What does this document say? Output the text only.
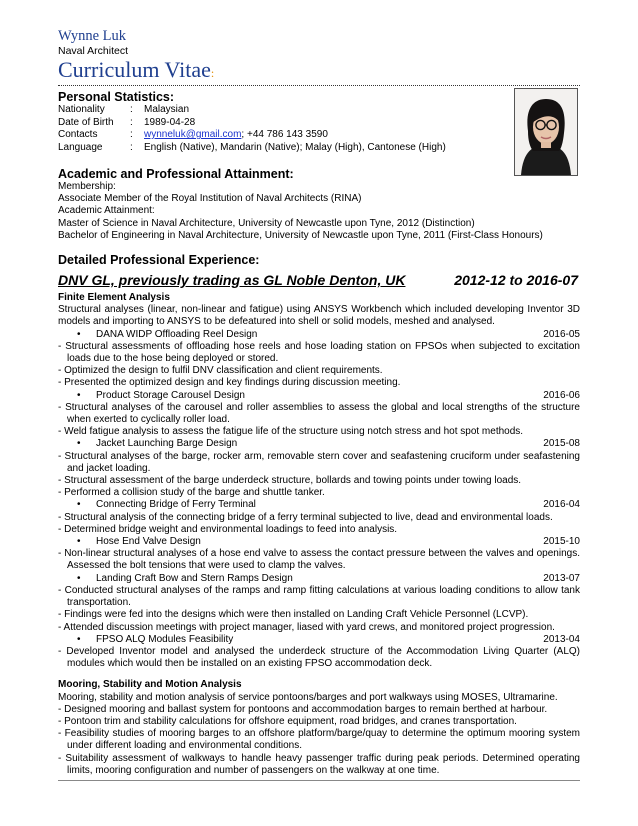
Wynne Luk
Naval Architect
Curriculum Vitae:
Personal Statistics:
Nationality	:	Malaysian
Date of Birth	:	1989-04-28
Contacts	:	wynneluk@gmail.com; +44 786 143 3590
Language	:	English (Native), Mandarin (Native); Malay (High), Cantonese (High)
Academic and Professional Attainment:
Membership:
Associate Member of the Royal Institution of Naval Architects (RINA)
Academic Attainment:
Master of Science in Naval Architecture, University of Newcastle upon Tyne, 2012 (Distinction)
Bachelor of Engineering in Naval Architecture, University of Newcastle upon Tyne, 2011 (First-Class Honours)
Detailed Professional Experience:
DNV GL, previously trading as GL Noble Denton, UK	2012-12 to 2016-07
Finite Element Analysis
Structural analyses (linear, non-linear and fatigue) using ANSYS Workbench which included developing Inventor 3D models and importing to ANSYS to be defeatured into shell or solid models, meshed and analysed.
• DANA WIDP Offloading Reel Design	2016-05
- Structural assessments of offloading hose reels and hose loading station on FPSOs when subjected to excitation loads due to the hose being deployed or stored.
- Optimized the design to fulfil DNV classification and client requirements.
- Presented the optimized design and key findings during discussion meeting.
• Product Storage Carousel Design	2016-06
- Structural analyses of the carousel and roller assemblies to assess the global and local strengths of the structure when exerted to cyclically roller load.
- Weld fatigue analysis to assess the fatigue life of the structure using notch stress and hot spot methods.
• Jacket Launching Barge Design	2015-08
- Structural analyses of the barge, rocker arm, removable stern cover and seafastening cruciform under seafastening and jacket loading.
- Structural assessment of the barge underdeck structure, bollards and towing points under towing loads.
- Performed a collision study of the barge and shuttle tanker.
• Connecting Bridge of Ferry Terminal	2016-04
- Structural analysis of the connecting bridge of a ferry terminal subjected to live, dead and environmental loads.
- Determined bridge weight and environmental loadings to feed into analysis.
• Hose End Valve Design	2015-10
- Non-linear structural analyses of a hose end valve to assess the contact pressure between the valves and openings. Assessed the bolt tensions that were used to clamp the valves.
• Landing Craft Bow and Stern Ramps Design	2013-07
- Conducted structural analyses of the ramps and ramp fitting calculations at various loading conditions to allow tank transportation.
- Findings were fed into the designs which were then installed on Landing Craft Vehicle Personnel (LCVP).
- Attended discussion meetings with project manager, liased with yard crews, and monitored project progression.
• FPSO ALQ Modules Feasibility	2013-04
- Developed Inventor model and analysed the underdeck structure of the Accommodation Living Quarter (ALQ) modules which would then be installed on an existing FPSO accommodation deck.
Mooring, Stability and Motion Analysis
Mooring, stability and motion analysis of service pontoons/barges and port walkways using MOSES, Ultramarine.
- Designed mooring and ballast system for pontoons and accommodation barges to remain berthed at harbour.
- Pontoon trim and stability calculations for offshore equipment, road bridges, and cranes transportation.
- Feasibility studies of mooring barges to an offshore platform/barge/quay to determine the optimum mooring system under different loading and environmental conditions.
- Suitability assessment of walkways to handle heavy passenger traffic during peak periods. Determined operating limits, mooring configuration and number of passengers on the walkway at one time.
